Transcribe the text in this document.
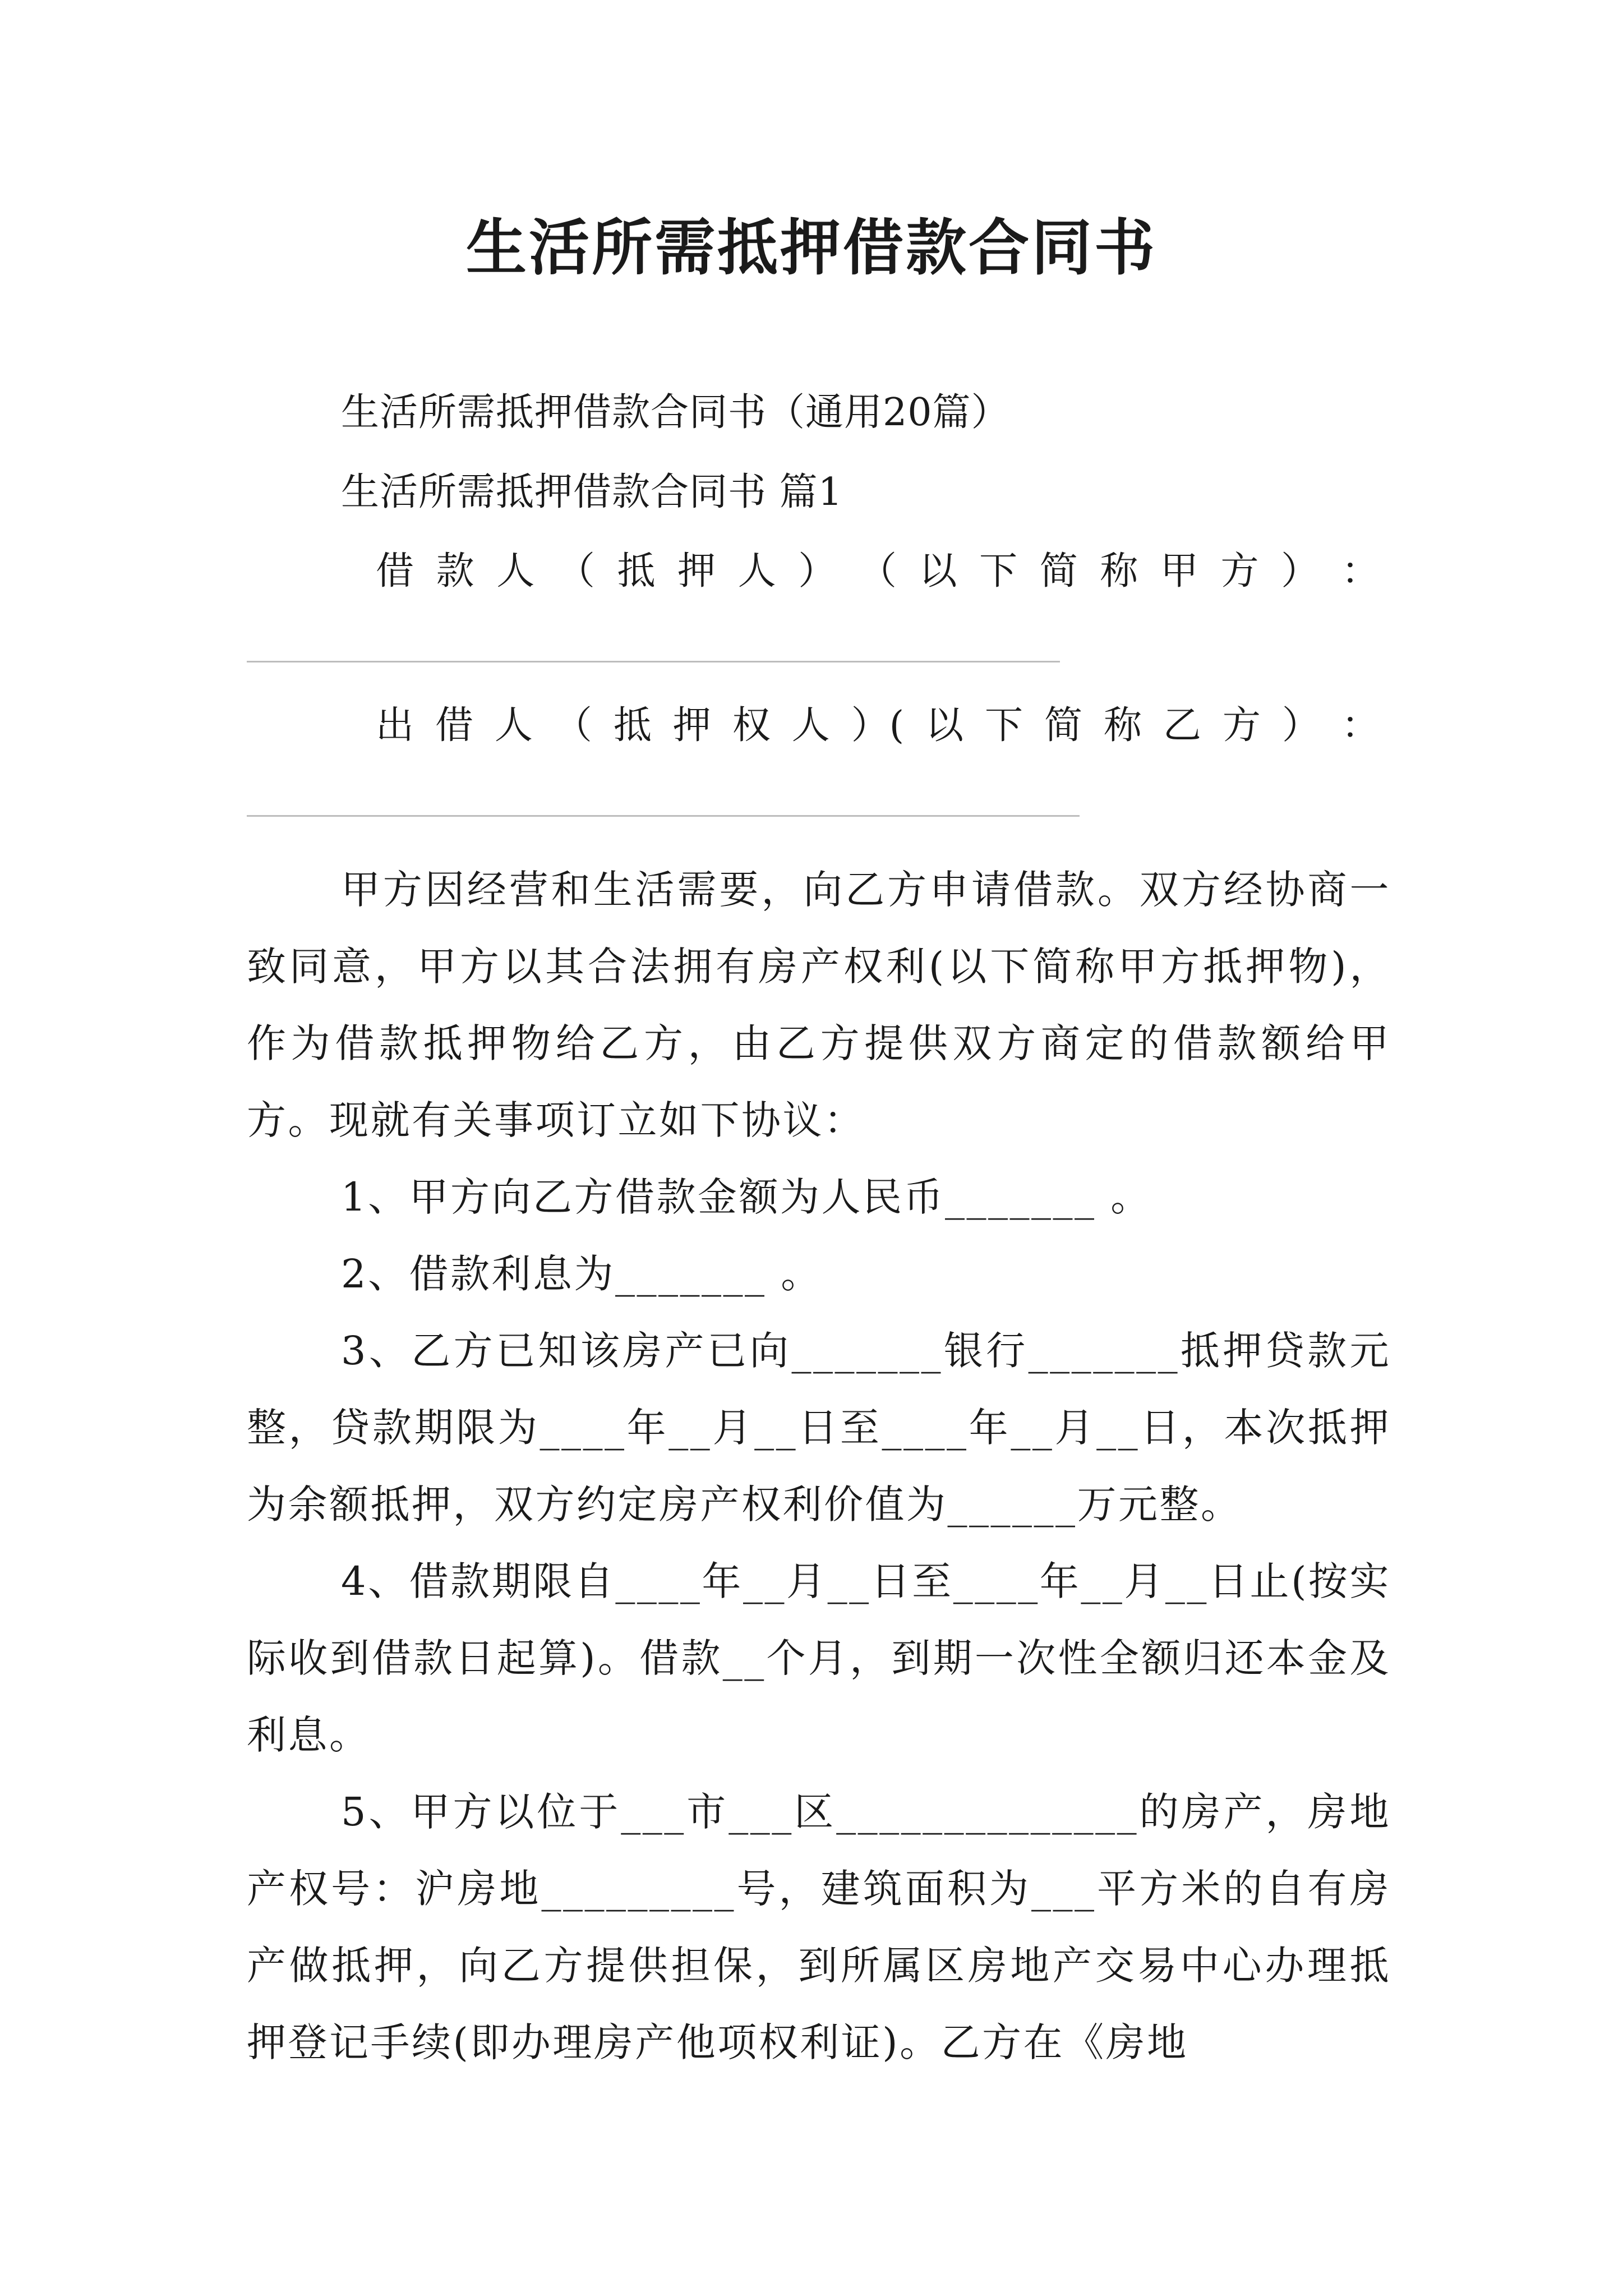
生活所需抵押借款合同书
生活所需抵押借款合同书（通用20篇）
生活所需抵押借款合同书 篇1
借 款 人 （ 抵 押 人 ） （ 以 下 简 称 甲 方 ） ：
出 借 人 （ 抵 押 权 人 ）( 以 下 简 称 乙 方 ） ：

甲方因经营和生活需要，向乙方申请借款。双方经协商一致同意，甲方以其合法拥有房产权利(以下简称甲方抵押物)，作为借款抵押物给乙方，由乙方提供双方商定的借款额给甲方。现就有关事项订立如下协议：

1、甲方向乙方借款金额为人民币_______ 。

2、借款利息为_______ 。

3、乙方已知该房产已向_______银行_______抵押贷款元整，贷款期限为____年__月__日至____年__月__日，本次抵押为余额抵押，双方约定房产权利价值为______万元整。

4、借款期限自____年__月__日至____年__月__日止(按实际收到借款日起算)。借款__个月，到期一次性全额归还本金及利息。

5、甲方以位于___市___区______________的房产，房地产权号：沪房地_________号，建筑面积为___平方米的自有房产做抵押，向乙方提供担保，到所属区房地产交易中心办理抵押登记手续(即办理房产他项权利证)。乙方在《房地
